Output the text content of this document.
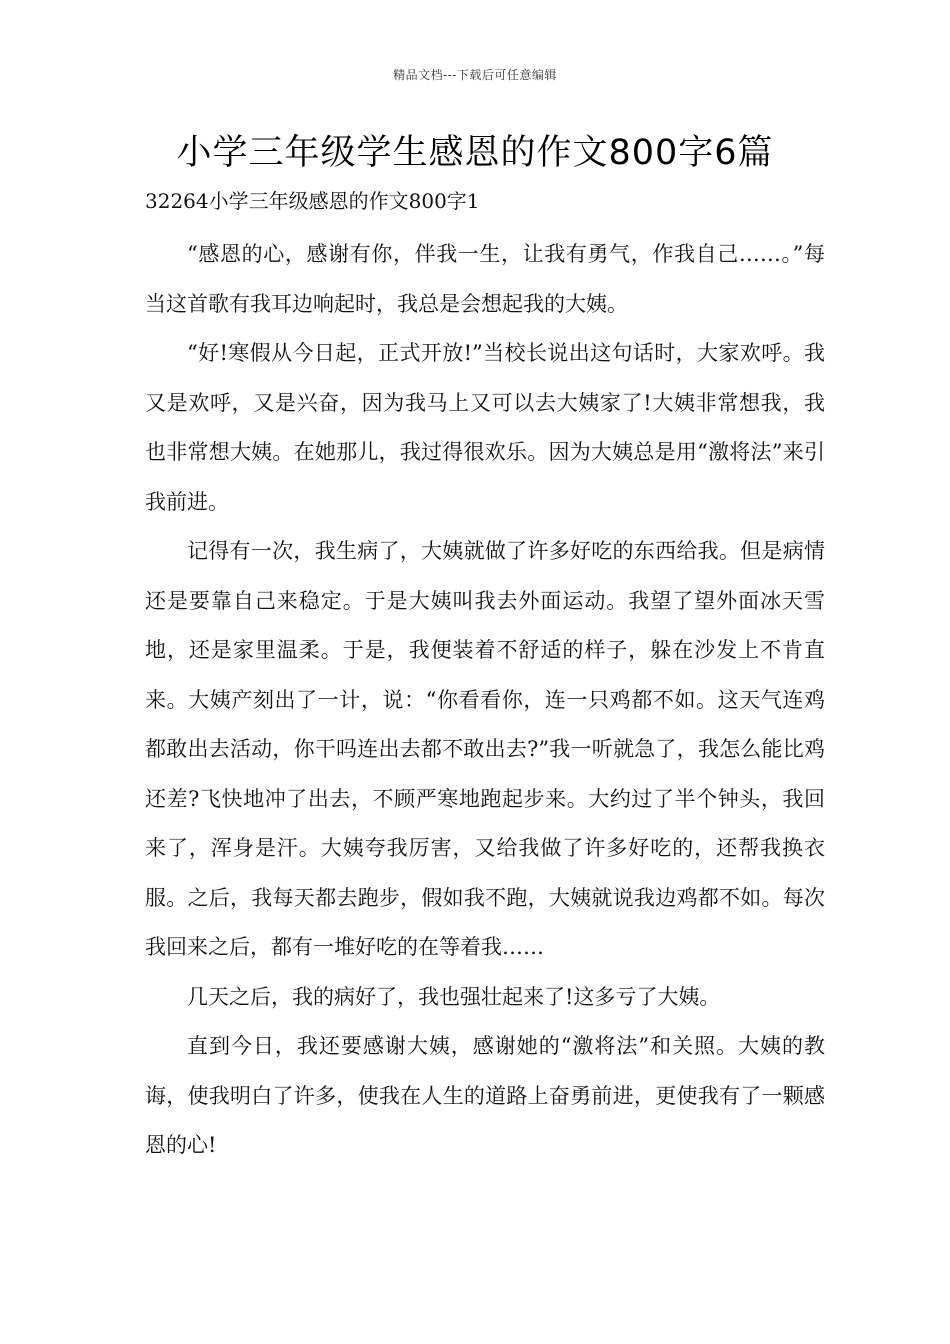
精品文档---下载后可任意编辑
小学三年级学生感恩的作文800字6篇

32264小学三年级感恩的作文800字1

“感恩的心，感谢有你，伴我一生，让我有勇气，作我自己……。”每当这首歌有我耳边响起时，我总是会想起我的大姨。

“好!寒假从今日起，正式开放!”当校长说出这句话时，大家欢呼。我又是欢呼，又是兴奋，因为我马上又可以去大姨家了!大姨非常想我，我也非常想大姨。在她那儿，我过得很欢乐。因为大姨总是用“激将法”来引我前进。

记得有一次，我生病了，大姨就做了许多好吃的东西给我。但是病情还是要靠自己来稳定。于是大姨叫我去外面运动。我望了望外面冰天雪地，还是家里温柔。于是，我便装着不舒适的样子，躲在沙发上不肯直来。大姨产刻出了一计，说：“你看看你，连一只鸡都不如。这天气连鸡都敢出去活动，你干吗连出去都不敢出去?”我一听就急了，我怎么能比鸡还差?飞快地冲了出去，不顾严寒地跑起步来。大约过了半个钟头，我回来了，浑身是汗。大姨夸我厉害，又给我做了许多好吃的，还帮我换衣服。之后，我每天都去跑步，假如我不跑，大姨就说我边鸡都不如。每次我回来之后，都有一堆好吃的在等着我……

几天之后，我的病好了，我也强壮起来了!这多亏了大姨。

直到今日，我还要感谢大姨，感谢她的“激将法”和关照。大姨的教诲，使我明白了许多，使我在人生的道路上奋勇前进，更使我有了一颗感恩的心!
